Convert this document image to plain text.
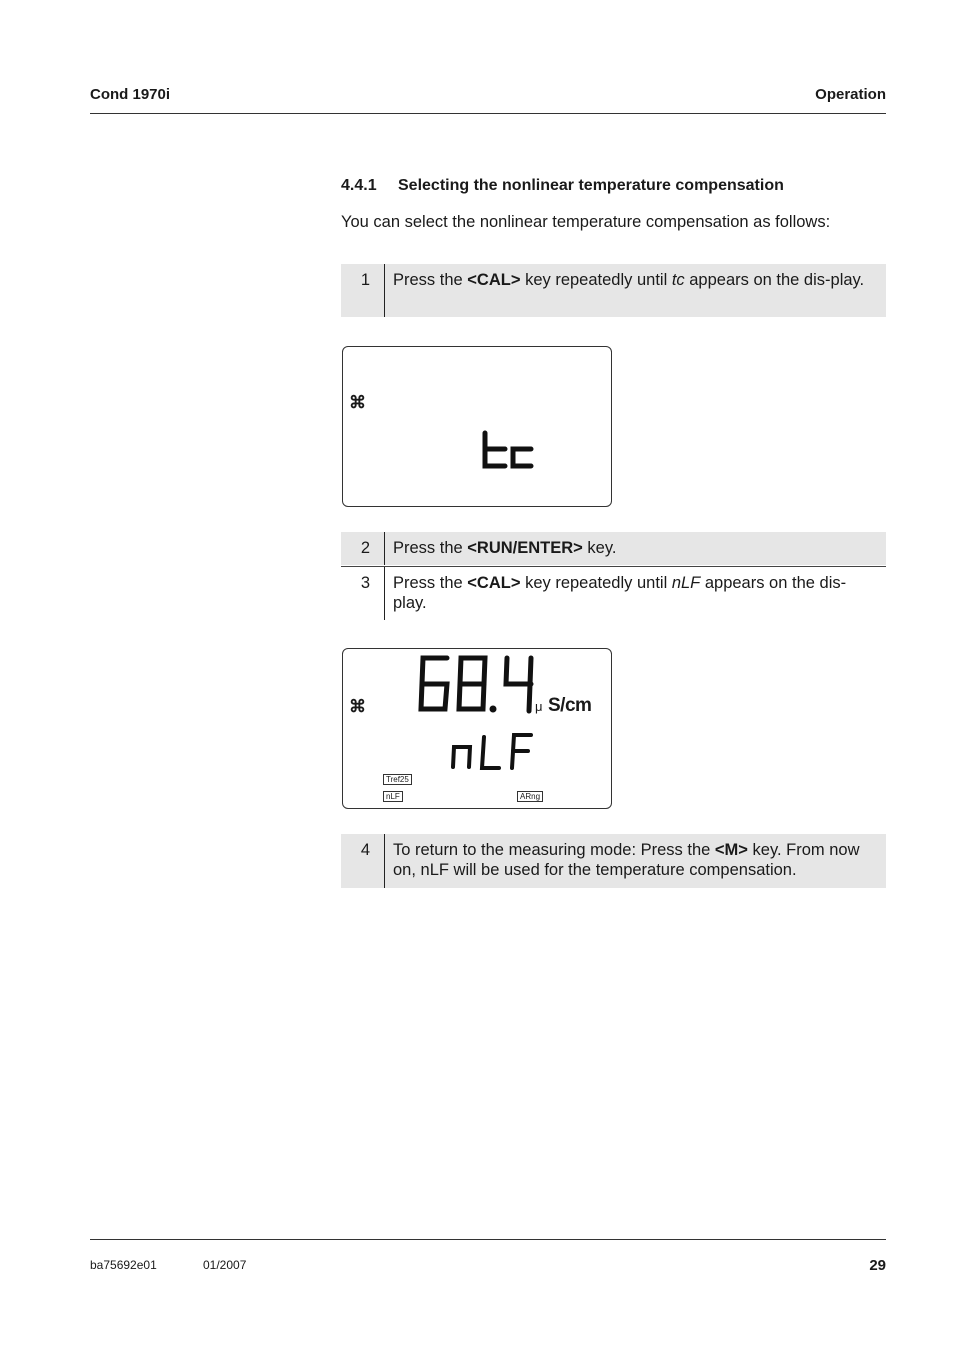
Cond 1970i	Operation
4.4.1 Selecting the nonlinear temperature compensation
You can select the nonlinear temperature compensation as follows:
1 Press the <CAL> key repeatedly until tc appears on the dis-play.
⌘
2 Press the <RUN/ENTER> key.
3 Press the <CAL> key repeatedly until nLF appears on the dis-play.
⌘	μ S/cm
Tref25
nLF	ARng
4 To return to the measuring mode: Press the <M> key. From now on, nLF will be used for the temperature compensation.
ba75692e01	01/2007	29
